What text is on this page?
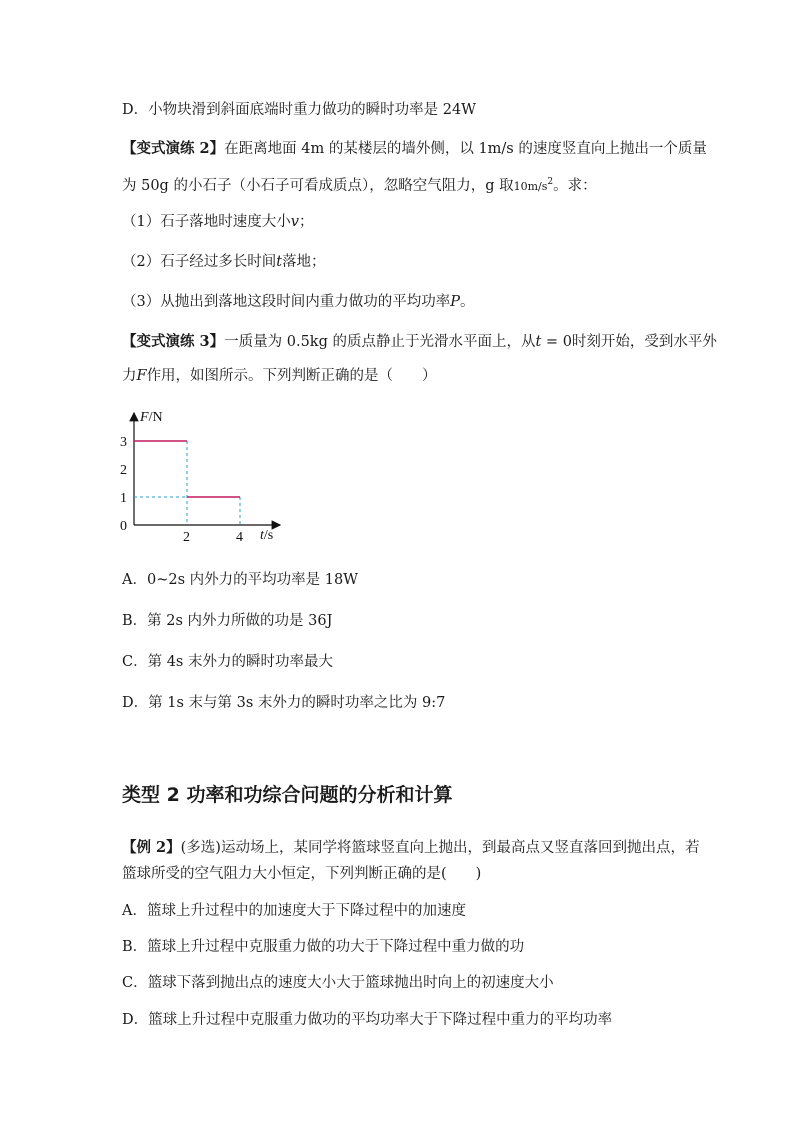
D．小物块滑到斜面底端时重力做功的瞬时功率是 24W
【变式演练 2】在距离地面 4m 的某楼层的墙外侧，以 1m/s 的速度竖直向上抛出一个质量
为 50g 的小石子（小石子可看成质点），忽略空气阻力，g 取$10m/s^2$。求：
（1）石子落地时速度大小v；
（2）石子经过多长时间t落地；
（3）从抛出到落地这段时间内重力做功的平均功率P。
【变式演练 3】一质量为 0.5kg 的质点静止于光滑水平面上，从t = 0时刻开始，受到水平外
力F作用，如图所示。下列判断正确的是（　　）
F/N
t/s
3
2
1
0
2	4
A．0~2s 内外力的平均功率是 18W
B．第 2s 内外力所做的功是 36J
C．第 4s 末外力的瞬时功率最大
D．第 1s 末与第 3s 末外力的瞬时功率之比为 9:7
类型 2 功率和功综合问题的分析和计算
【例 2】(多选)运动场上，某同学将篮球竖直向上抛出，到最高点又竖直落回到抛出点，若
篮球所受的空气阻力大小恒定，下列判断正确的是(　　)
A．篮球上升过程中的加速度大于下降过程中的加速度
B．篮球上升过程中克服重力做的功大于下降过程中重力做的功
C．篮球下落到抛出点的速度大小大于篮球抛出时向上的初速度大小
D．篮球上升过程中克服重力做功的平均功率大于下降过程中重力的平均功率
